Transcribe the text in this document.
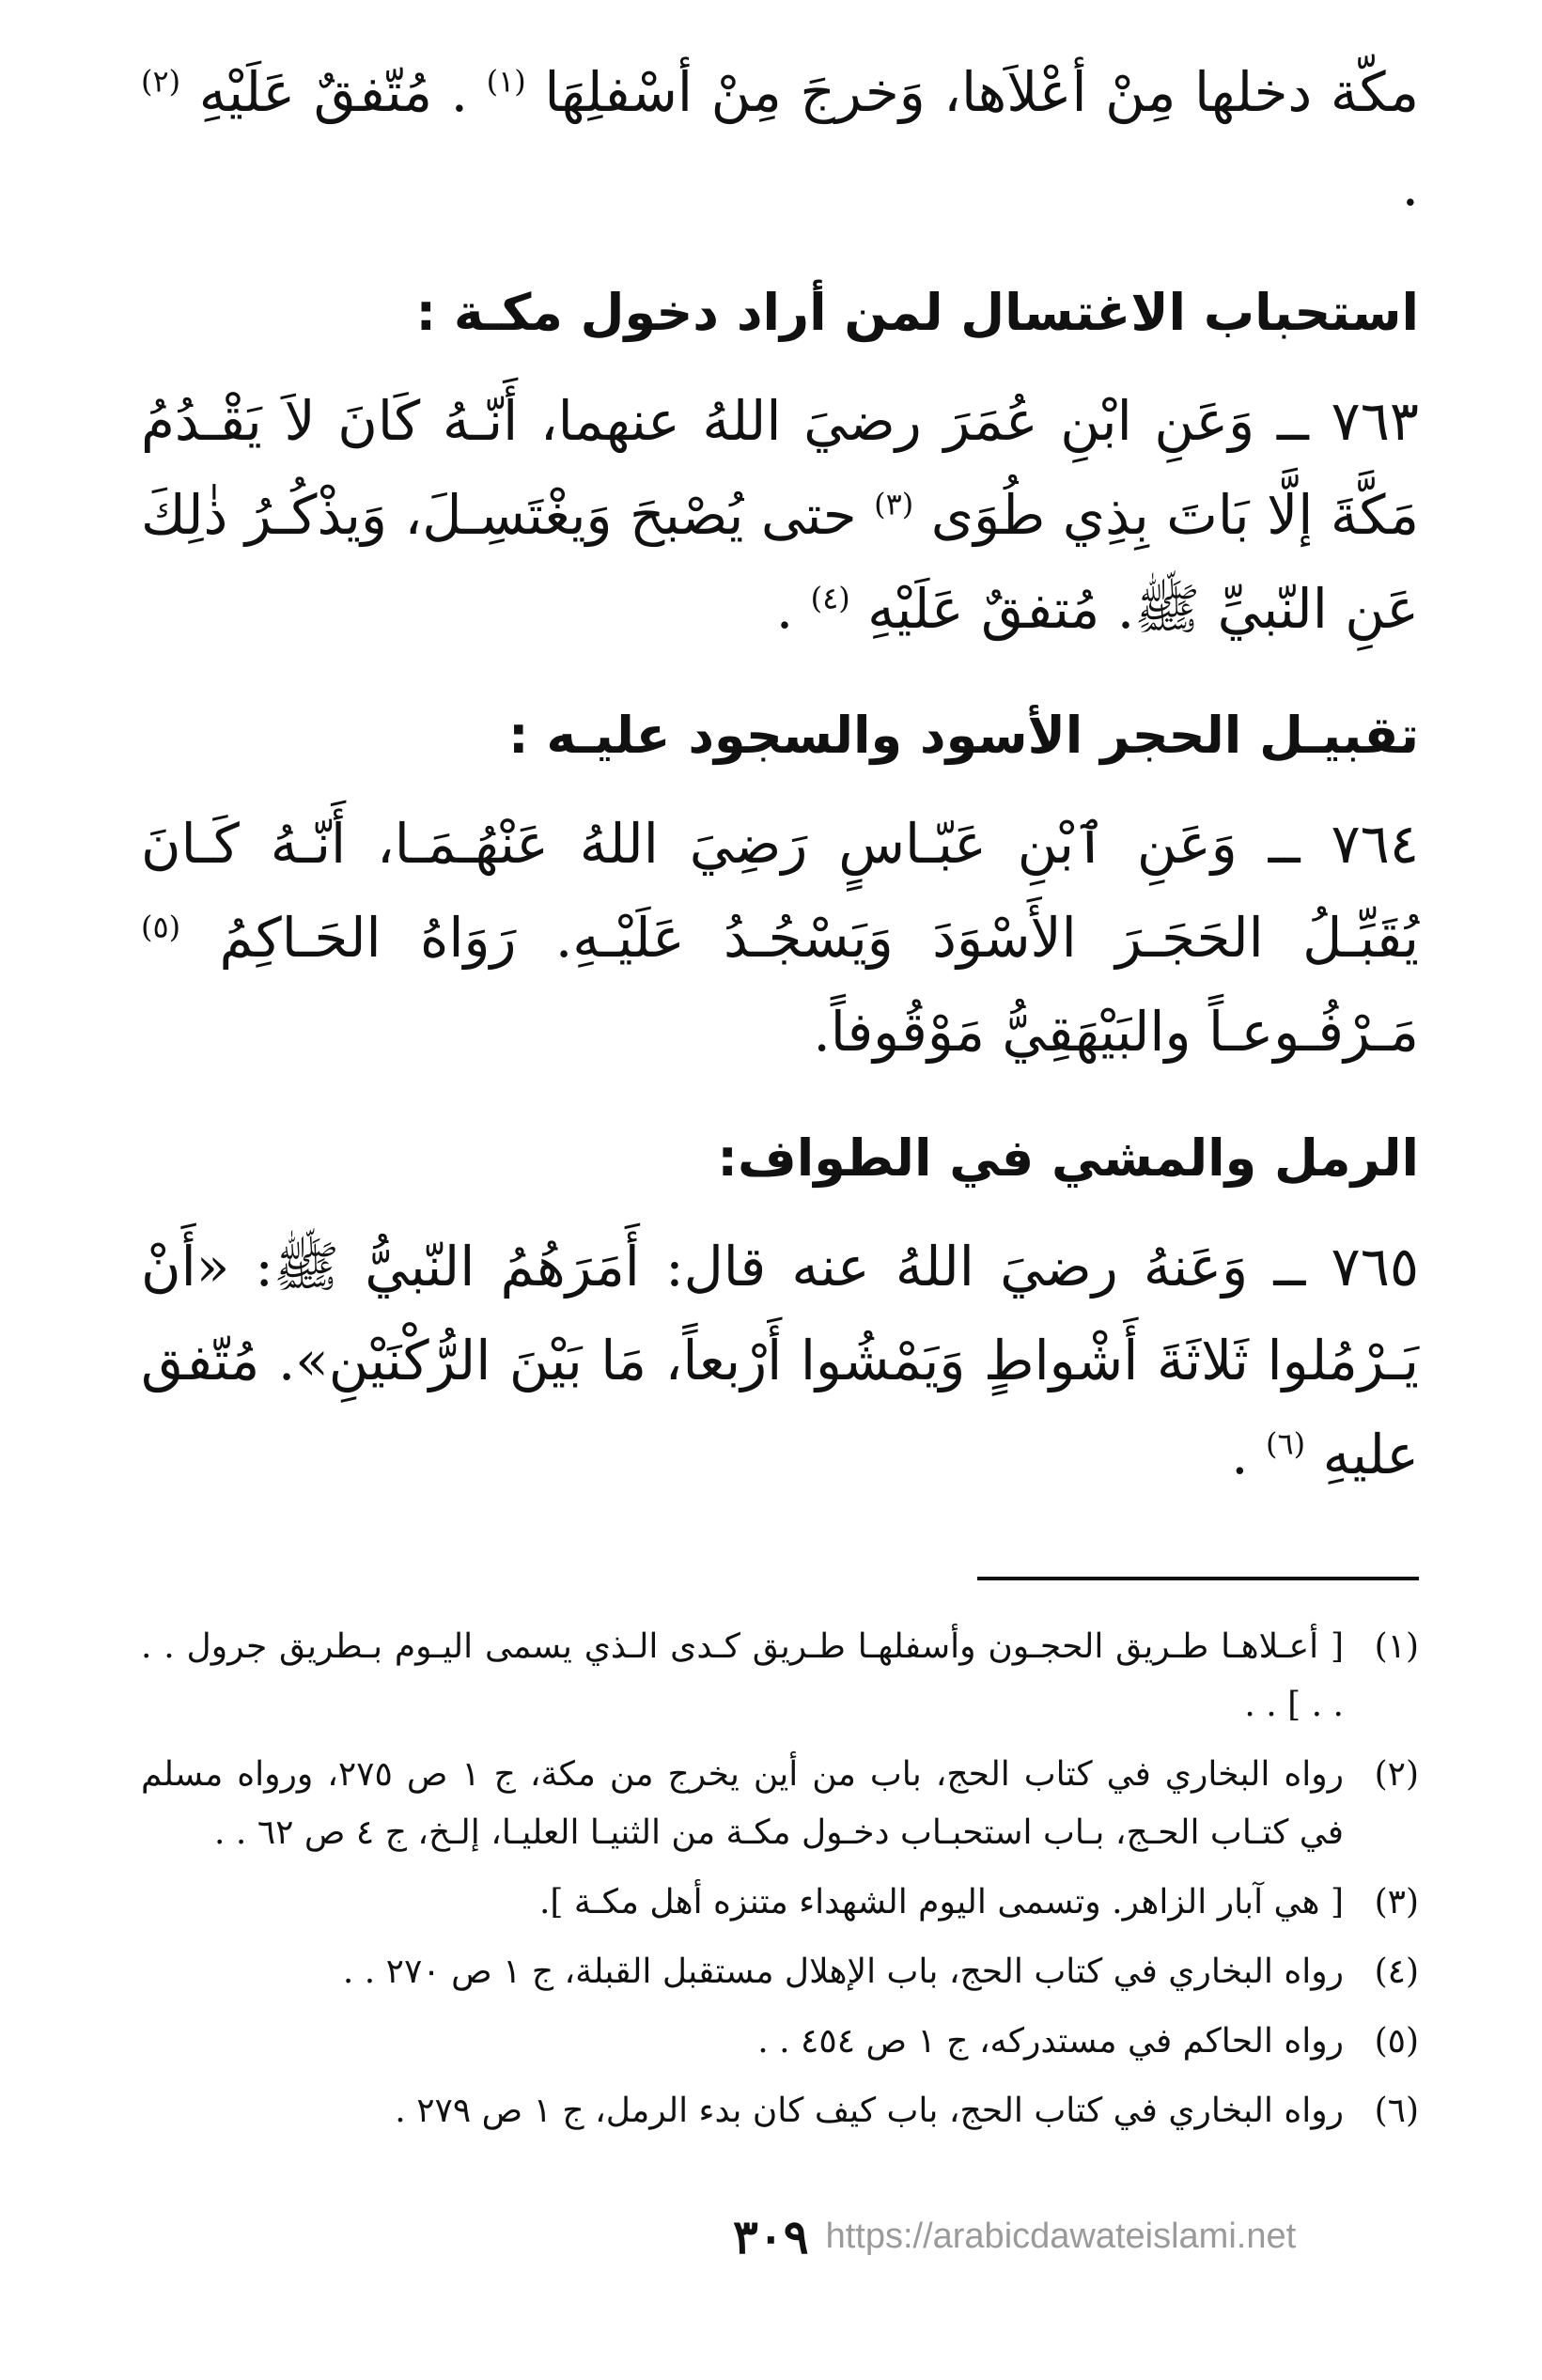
مكّة دخلها مِنْ أعْلاَها، وَخرجَ مِنْ أسْفلِهَا $^{(١)}$ . مُتّفقٌ عَلَيْهِ $^{(٢)}$ .

استحباب الاغتسال لمن أراد دخول مكـة :

٧٦٣ ــ وَعَنِ ابْنِ عُمَرَ رضيَ اللهُ عنهما، أَنّـهُ كَانَ لاَ يَقْـدُمُ مَكَّةَ إلَّا بَاتَ بِذِي طُوَى $^{(٣)}$ حتى يُصْبحَ وَيغْتَسِـلَ، وَيذْكُـرُ ذٰلِكَ عَنِ النّبيِّ ﷺ. مُتفقٌ عَلَيْهِ $^{(٤)}$ .

تقبيـل الحجر الأسود والسجود عليـه :

٧٦٤ ــ وَعَنِ ٱبْنِ عَبّـاسٍ رَضِيَ اللهُ عَنْهُـمَـا، أَنّـهُ كَـانَ يُقَبِّـلُ الحَجَـرَ الأَسْوَدَ وَيَسْجُـدُ عَلَيْـهِ. رَوَاهُ الحَـاكِمُ $^{(٥)}$ مَـرْفُـوعـاً والبَيْهَقِيُّ مَوْقُوفاً.

الرمل والمشي في الطواف:

٧٦٥ ــ وَعَنهُ رضيَ اللهُ عنه قال: أَمَرَهُمُ النّبيُّ ﷺ: «أَنْ يَـرْمُلوا ثَلاثَةَ أَشْواطٍ وَيَمْشُوا أَرْبعاً، مَا بَيْنَ الرُّكْنَيْنِ». مُتّفق عليهِ $^{(٦)}$ .

(١)
[ أعـلاهـا طـريق الحجـون وأسفلهـا طـريق كـدى الـذي يسمى اليـوم بـطريق جرول . . . . ] . .
(٢)
رواه البخاري في كتاب الحج، باب من أين يخرج من مكة، ج ١ ص ٢٧٥، ورواه مسلم في كتـاب الحـج، بـاب استحبـاب دخـول مكـة من الثنيـا العليـا، إلـخ، ج ٤ ص ٦٢ . .
(٣)
[ هي آبار الزاهر. وتسمى اليوم الشهداء متنزه أهل مكـة ].
(٤)
رواه البخاري في كتاب الحج، باب الإهلال مستقبل القبلة، ج ١ ص ٢٧٠ . .
(٥)
رواه الحاكم في مستدركه، ج ١ ص ٤٥٤ . .
(٦)
رواه البخاري في كتاب الحج، باب كيف كان بدء الرمل، ج ١ ص ٢٧٩ .
٣٠٩ https://arabicdawateislami.net
